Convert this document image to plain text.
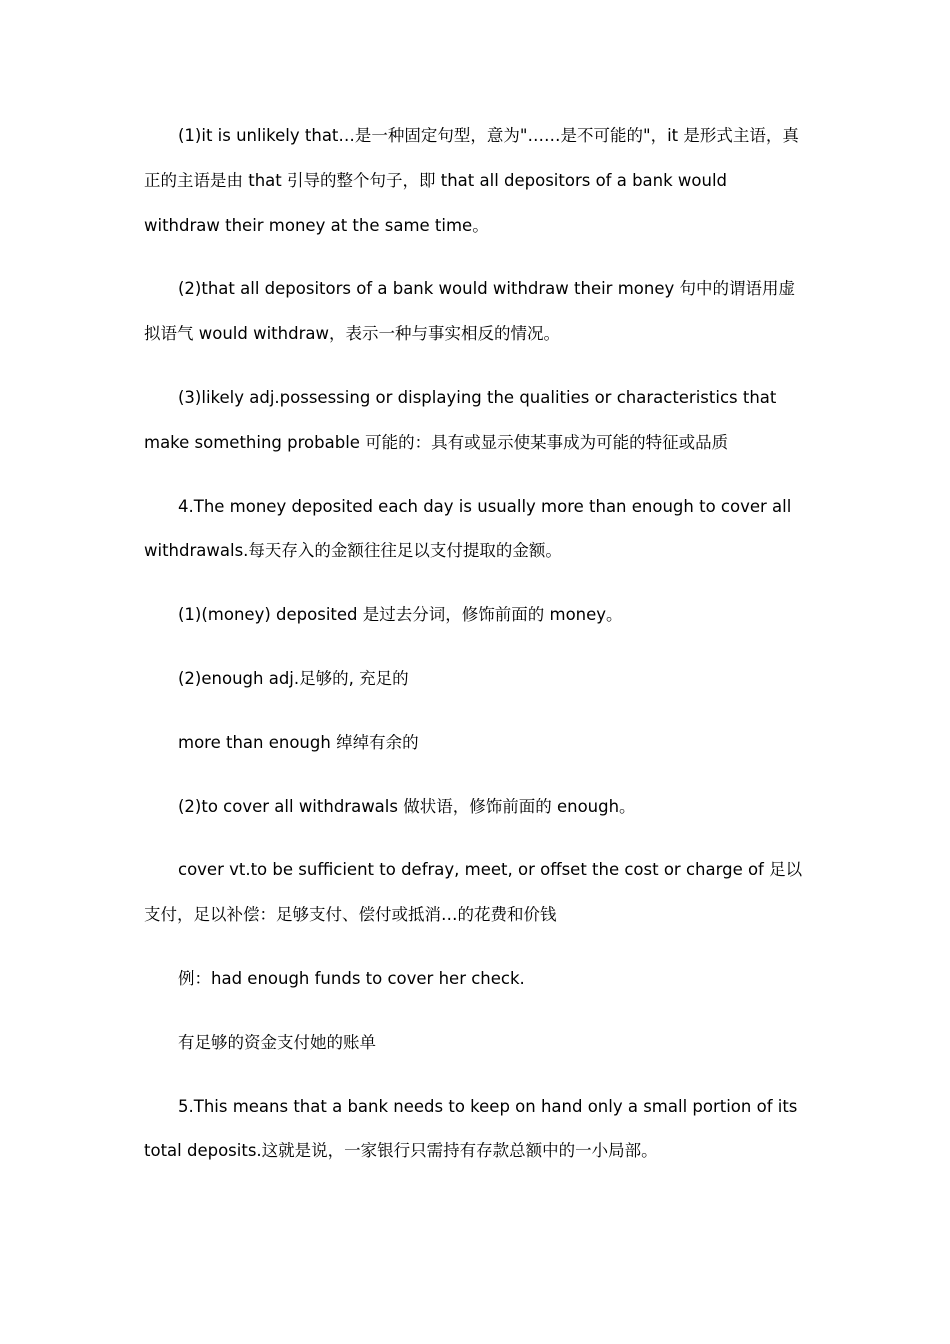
(1)it is unlikely that…是一种固定句型，意为"……是不可能的"，it 是形式主语，真正的主语是由 that 引导的整个句子，即 that all depositors of a bank would withdraw their money at the same time。

(2)that all depositors of a bank would withdraw their money 句中的谓语用虚拟语气 would withdraw，表示一种与事实相反的情况。

(3)likely adj.possessing or displaying the qualities or characteristics that make something probable 可能的：具有或显示使某事成为可能的特征或品质

4.The money deposited each day is usually more than enough to cover all withdrawals.每天存入的金额往往足以支付提取的金额。

(1)(money) deposited 是过去分词，修饰前面的 money。

(2)enough adj.足够的, 充足的

more than enough 绰绰有余的

(2)to cover all withdrawals 做状语，修饰前面的 enough。

cover vt.to be sufficient to defray, meet, or offset the cost or charge of 足以支付，足以补偿：足够支付、偿付或抵消…的花费和价钱

例：had enough funds to cover her check.

有足够的资金支付她的账单

5.This means that a bank needs to keep on hand only a small portion of its total deposits.这就是说，一家银行只需持有存款总额中的一小局部。
